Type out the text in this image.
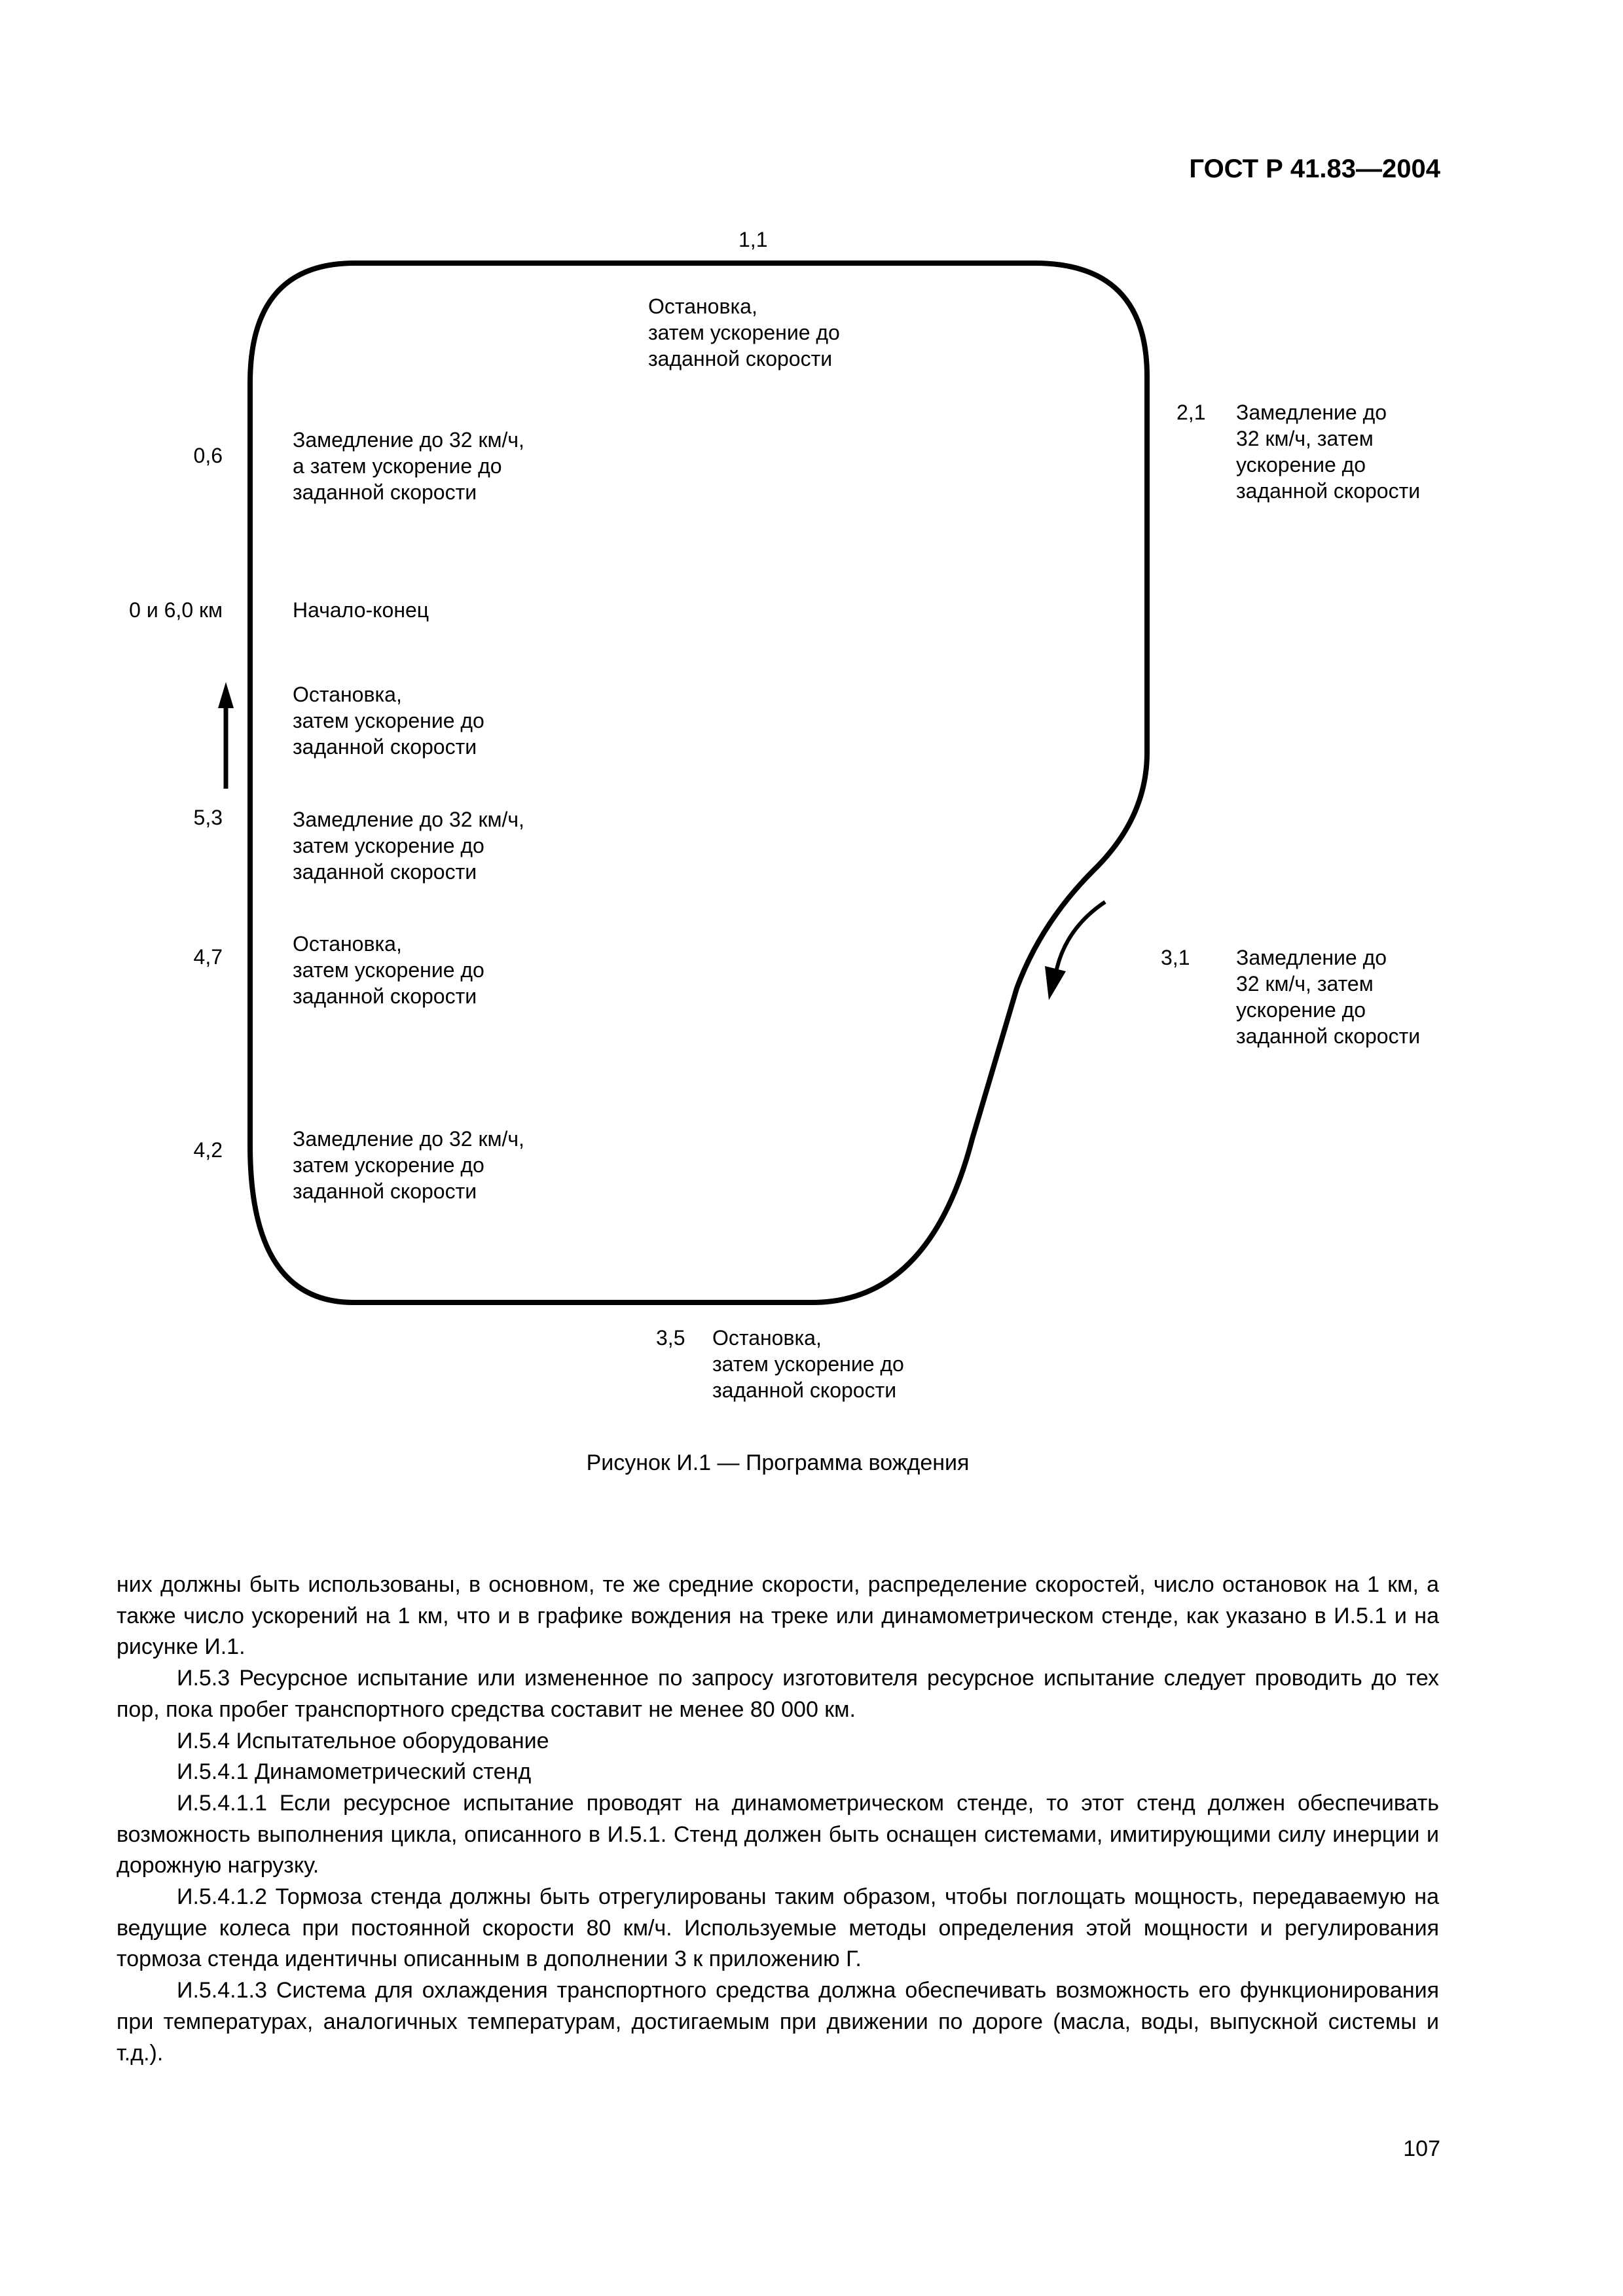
ГОСТ Р 41.83—2004
1,1
Остановка,
затем ускорение до
заданной скорости
2,1 Замедление до
32 км/ч, затем
ускорение до
заданной скорости
3,1 Замедление до
32 км/ч, затем
ускорение до
заданной скорости
3,5 Остановка,
затем ускорение до
заданной скорости
0,6
Замедление до 32 км/ч,
а затем ускорение до
заданной скорости
0 и 6,0 км	Начало-конец
Остановка,
затем ускорение до
заданной скорости
5,3	Замедление до 32 км/ч,
затем ускорение до
заданной скорости
4,7
Остановка,
затем ускорение до
заданной скорости
4,2	Замедление до 32 км/ч,
затем ускорение до
заданной скорости
Рисунок И.1 — Программа вождения

них должны быть использованы, в основном, те же средние скорости, распределение скоростей, число остановок на 1 км, а также число ускорений на 1 км, что и в графике вождения на треке или динамометрическом стенде, как указано в И.5.1 и на рисунке И.1.

И.5.3 Ресурсное испытание или измененное по запросу изготовителя ресурсное испытание следует проводить до тех пор, пока пробег транспортного средства составит не менее 80 000 км.

И.5.4 Испытательное оборудование

И.5.4.1 Динамометрический стенд

И.5.4.1.1 Если ресурсное испытание проводят на динамометрическом стенде, то этот стенд должен обеспечивать возможность выполнения цикла, описанного в И.5.1. Стенд должен быть оснащен системами, имитирующими силу инерции и дорожную нагрузку.

И.5.4.1.2 Тормоза стенда должны быть отрегулированы таким образом, чтобы поглощать мощность, передаваемую на ведущие колеса при постоянной скорости 80 км/ч. Используемые методы определения этой мощности и регулирования тормоза стенда идентичны описанным в дополнении 3 к приложению Г.

И.5.4.1.3 Система для охлаждения транспортного средства должна обеспечивать возможность его функционирования при температурах, аналогичных температурам, достигаемым при движении по дороге (масла, воды, выпускной системы и т.д.).

107
